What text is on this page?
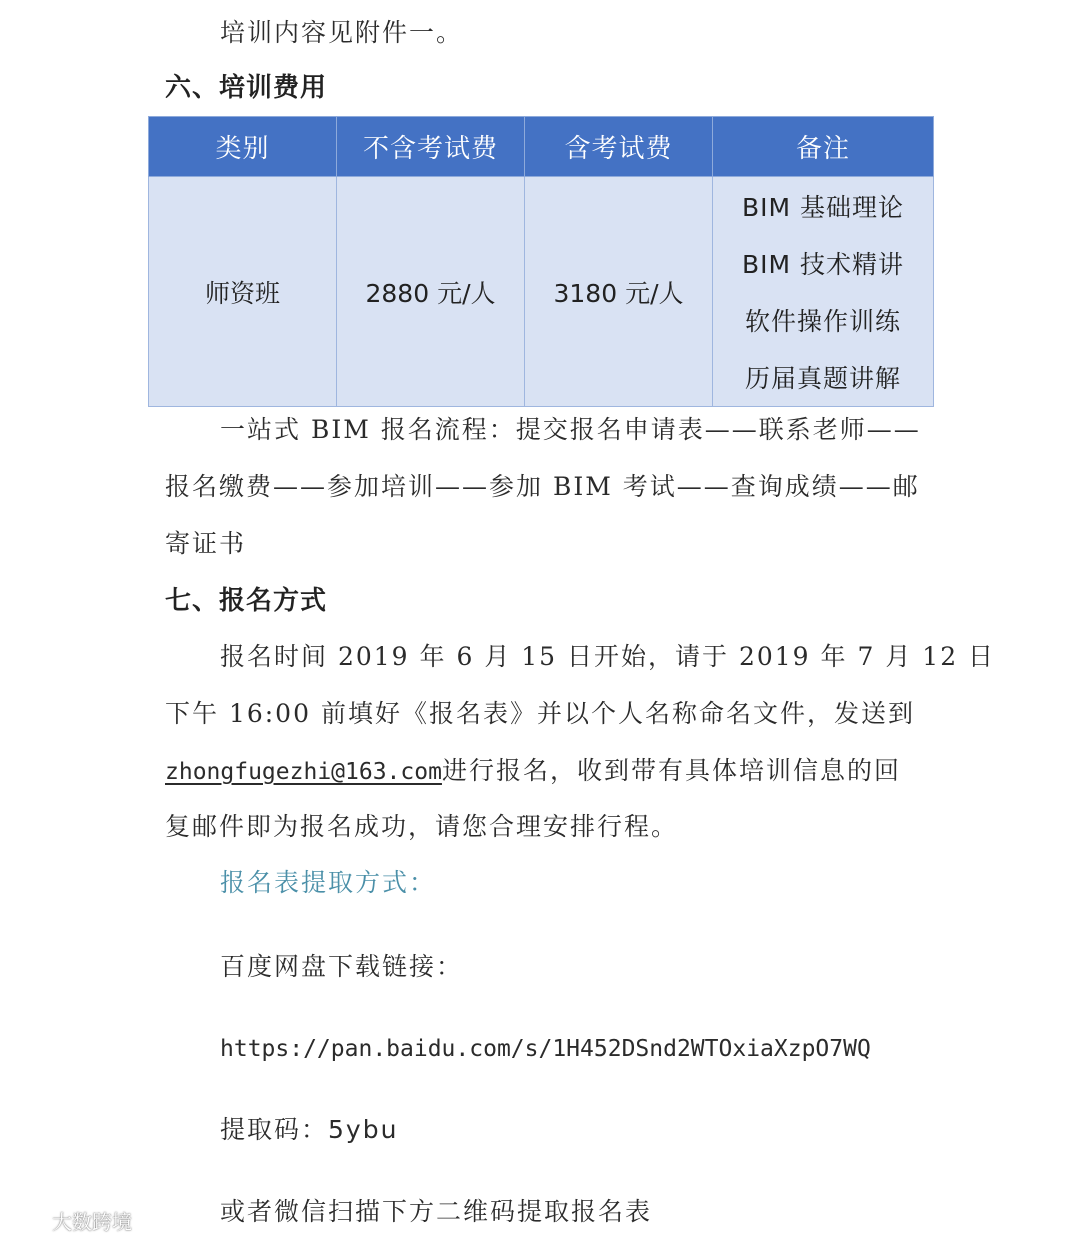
培训内容见附件一。
六、培训费用
类别	不含考试费	含考试费	备注
师资班	2880 元/人	3180 元/人	BIM 基础理论
BIM 技术精讲
软件操作训练
历届真题讲解
一站式 BIM 报名流程：提交报名申请表——联系老师——
报名缴费——参加培训——参加 BIM 考试——查询成绩——邮
寄证书
七、报名方式
报名时间 2019 年 6 月 15 日开始，请于 2019 年 7 月 12 日
下午 16:00 前填好《报名表》并以个人名称命名文件，发送到
zhongfugezhi@163.com进行报名，收到带有具体培训信息的回
复邮件即为报名成功，请您合理安排行程。
报名表提取方式：
百度网盘下载链接：
https://pan.baidu.com/s/1H452DSnd2WTOxiaXzpO7WQ
提取码：5ybu
或者微信扫描下方二维码提取报名表
大数跨境
